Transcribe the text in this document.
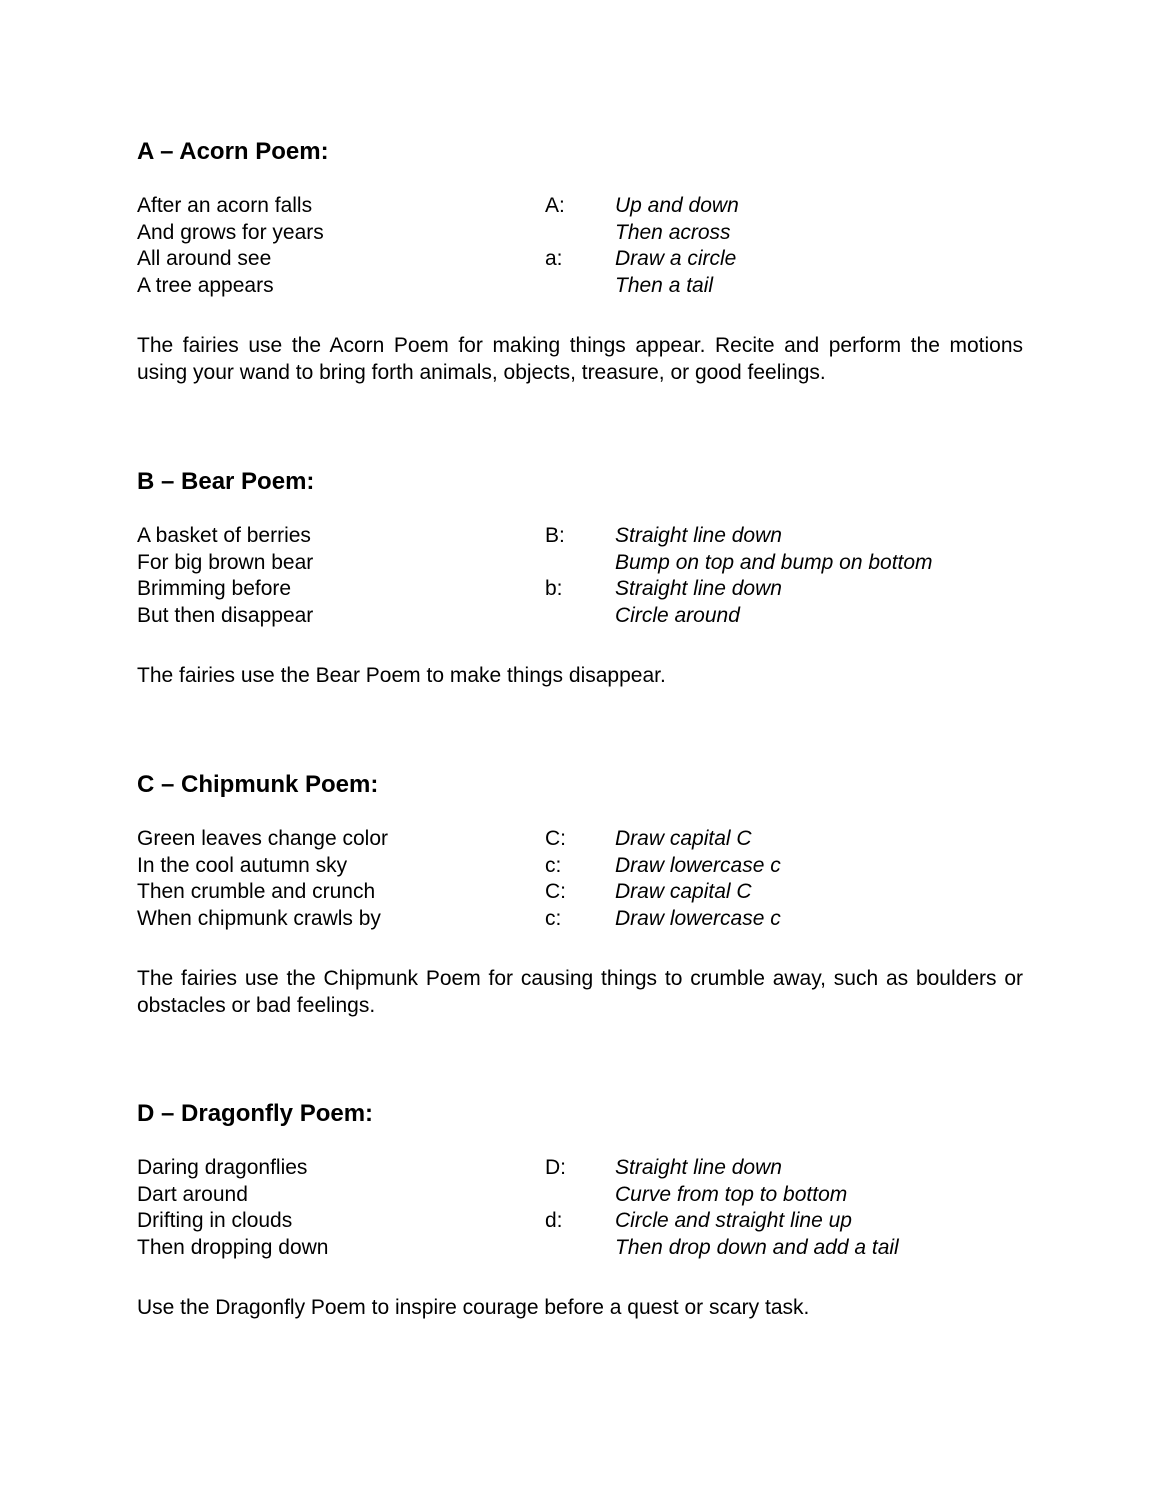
A – Acorn Poem:
After an acorn falls	A: Up and down
And grows for years	Then across
All around see	a: Draw a circle
A tree appears	Then a tail

The fairies use the Acorn Poem for making things appear. Recite and perform the motions using your wand to bring forth animals, objects, treasure, or good feelings.

B – Bear Poem:
A basket of berries	B: Straight line down
For big brown bear	Bump on top and bump on bottom
Brimming before	b: Straight line down
But then disappear	Circle around

The fairies use the Bear Poem to make things disappear.

C – Chipmunk Poem:
Green leaves change color	C: Draw capital C
In the cool autumn sky	c:	Draw lowercase c
Then crumble and crunch	C: Draw capital C
When chipmunk crawls by	c:	Draw lowercase c

The fairies use the Chipmunk Poem for causing things to crumble away, such as boulders or obstacles or bad feelings.

D – Dragonfly Poem:
Daring dragonflies	D: Straight line down
Dart around	Curve from top to bottom
Drifting in clouds	d: Circle and straight line up
Then dropping down	Then drop down and add a tail

Use the Dragonfly Poem to inspire courage before a quest or scary task.
